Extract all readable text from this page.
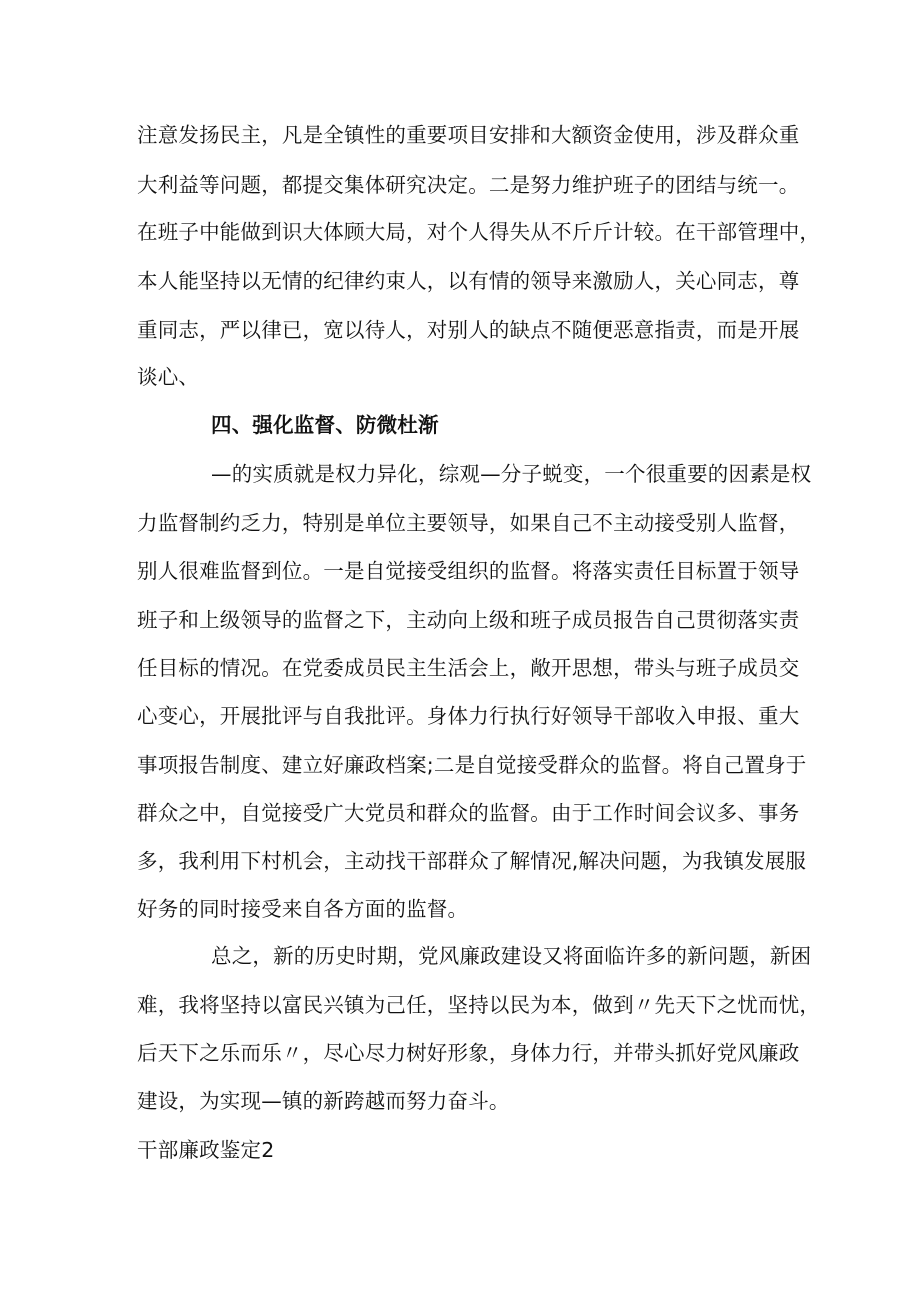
注意发扬民主，凡是全镇性的重要项目安排和大额资金使用，涉及群众重

大利益等问题，都提交集体研究决定。二是努力维护班子的团结与统一。

在班子中能做到识大体顾大局，对个人得失从不斤斤计较。在干部管理中，

本人能坚持以无情的纪律约束人，以有情的领导来激励人，关心同志，尊

重同志，严以律已，宽以待人，对别人的缺点不随便恶意指责，而是开展

谈心、

四、强化监督、防微杜渐

—的实质就是权力异化，综观—分子蜕变，一个很重要的因素是权

力监督制约乏力，特别是单位主要领导，如果自己不主动接受别人监督，

别人很难监督到位。一是自觉接受组织的监督。将落实责任目标置于领导

班子和上级领导的监督之下，主动向上级和班子成员报告自己贯彻落实责

任目标的情况。在党委成员民主生活会上，敞开思想，带头与班子成员交

心变心，开展批评与自我批评。身体力行执行好领导干部收入申报、重大

事项报告制度、建立好廉政档案;二是自觉接受群众的监督。将自己置身于

群众之中，自觉接受广大党员和群众的监督。由于工作时间会议多、事务

多，我利用下村机会，主动找干部群众了解情况,解决问题，为我镇发展服

好务的同时接受来自各方面的监督。

总之，新的历史时期，党风廉政建设又将面临许多的新问题，新困

难，我将坚持以富民兴镇为己任，坚持以民为本，做到〃先天下之忧而忧，

后天下之乐而乐〃，尽心尽力树好形象，身体力行，并带头抓好党风廉政

建设，为实现—镇的新跨越而努力奋斗。

干部廉政鉴定2
